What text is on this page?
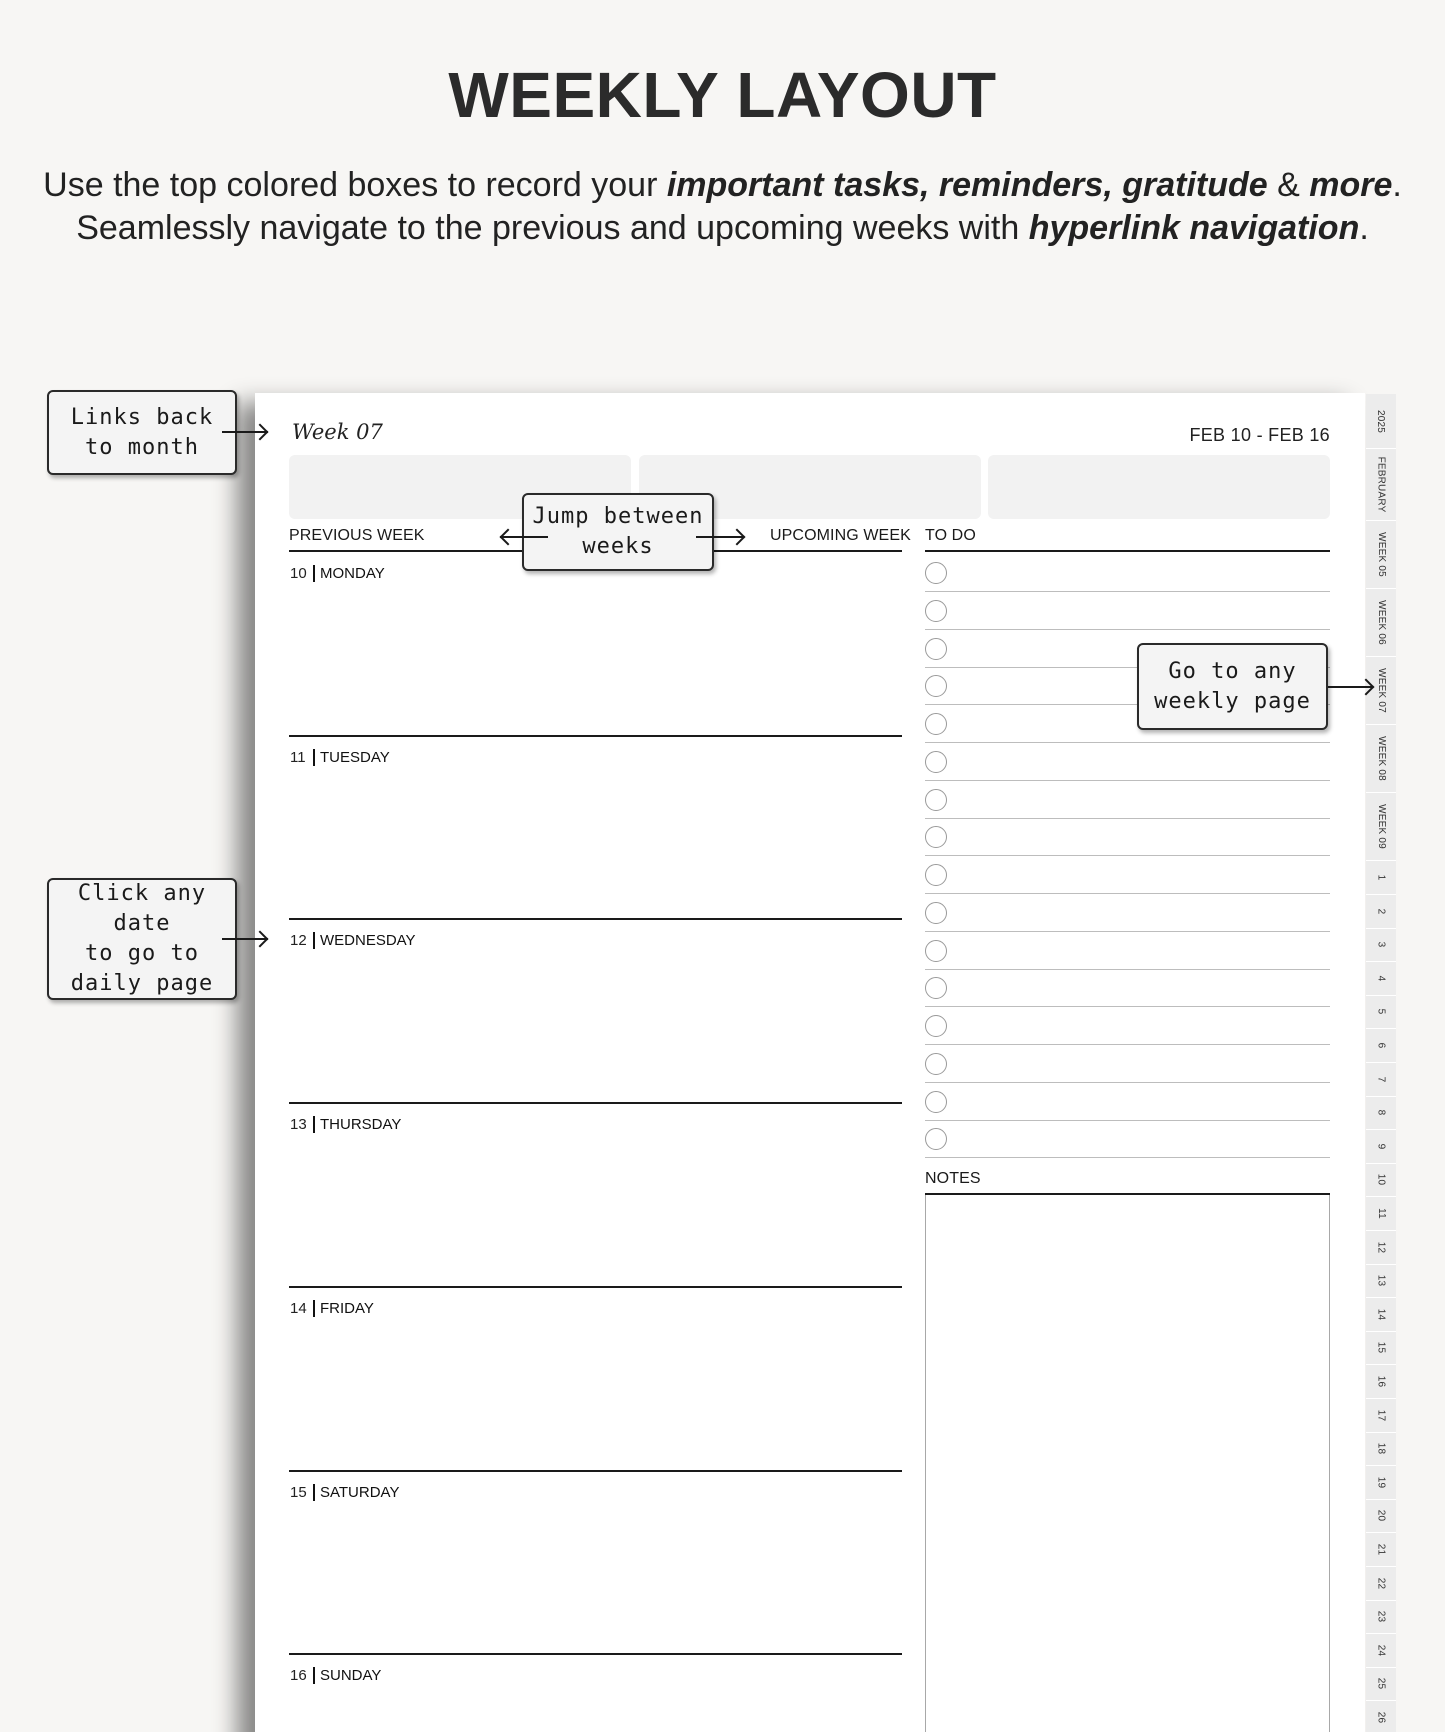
WEEKLY LAYOUT
Use the top colored boxes to record your important tasks, reminders, gratitude & more.
Seamlessly navigate to the previous and upcoming weeks with hyperlink navigation.
Week 07	FEB 10 - FEB 16
PREVIOUS WEEK	UPCOMING WEEK TO DO
10 MONDAY
11 TUESDAY
12 WEDNESDAY
13 THURSDAY
14 FRIDAY
15 SATURDAY
16 SUNDAY
NOTES
2025
FEBRUARY
WEEK 05
WEEK 06
WEEK 07
WEEK 08
WEEK 09
1
2
3
4
5
6
7
8
9
10
11
12
13
14
15
16
17
18
19
20
21
22
23
24
25
26
Links back
to month
Jump between
weeks
Go to any
weekly page
Click any date
to go to
daily page
